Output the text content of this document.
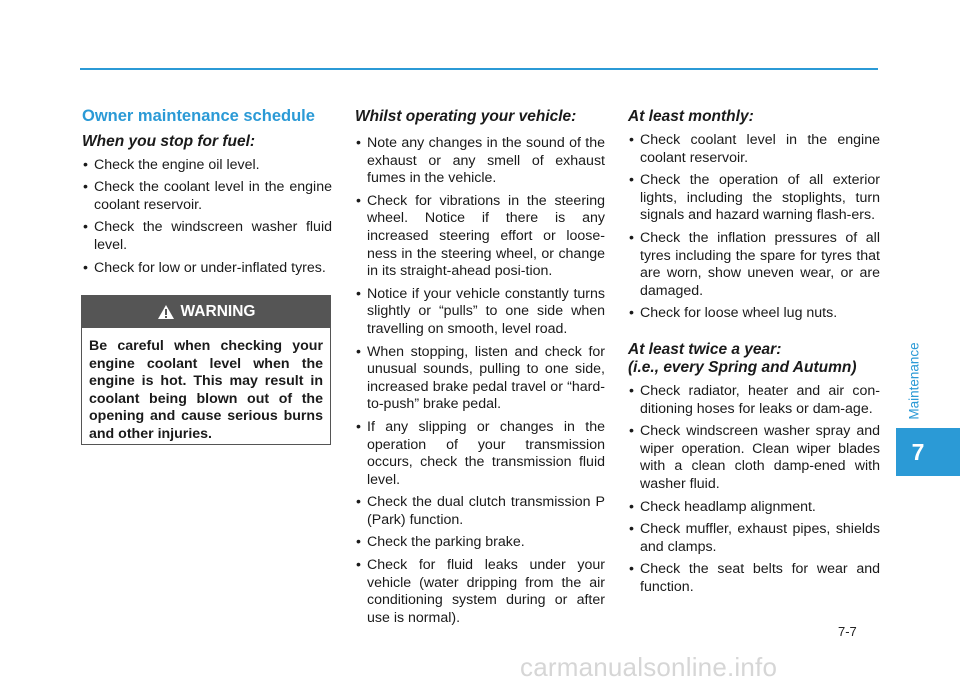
Owner maintenance schedule
When you stop for fuel:
• Check the engine oil level.
• Check the coolant level in the engine coolant reservoir.
• Check the windscreen washer fluid level.
• Check for low or under-inflated tyres.
WARNING
Be careful when checking your engine coolant level when the engine is hot. This may result in coolant being blown out of the opening and cause serious burns and other injuries.
Whilst operating your vehicle:
• Note any changes in the sound of the exhaust or any smell of exhaust fumes in the vehicle.
• Check for vibrations in the steering wheel. Notice if there is any increased steering effort or loose-ness in the steering wheel, or change in its straight-ahead posi-tion.
• Notice if your vehicle constantly turns slightly or “pulls” to one side when travelling on smooth, level road.
• When stopping, listen and check for unusual sounds, pulling to one side, increased brake pedal travel or “hard-to-push” brake pedal.
• If any slipping or changes in the operation of your transmission occurs, check the transmission fluid level.
• Check the dual clutch transmission P (Park) function.
• Check the parking brake.
• Check for fluid leaks under your vehicle (water dripping from the air conditioning system during or after use is normal).
At least monthly:
• Check coolant level in the engine coolant reservoir.
• Check the operation of all exterior lights, including the stoplights, turn signals and hazard warning flash-ers.
• Check the inflation pressures of all tyres including the spare for tyres that are worn, show uneven wear, or are damaged.
• Check for loose wheel lug nuts.
At least twice a year:
(i.e., every Spring and Autumn)
• Check radiator, heater and air con-ditioning hoses for leaks or dam-age.
• Check windscreen washer spray and wiper operation. Clean wiper blades with a clean cloth damp-ened with washer fluid.
• Check headlamp alignment.
• Check muffler, exhaust pipes, shields and clamps.
• Check the seat belts for wear and function.
Maintenance
7
7-7
carmanualsonline.info
